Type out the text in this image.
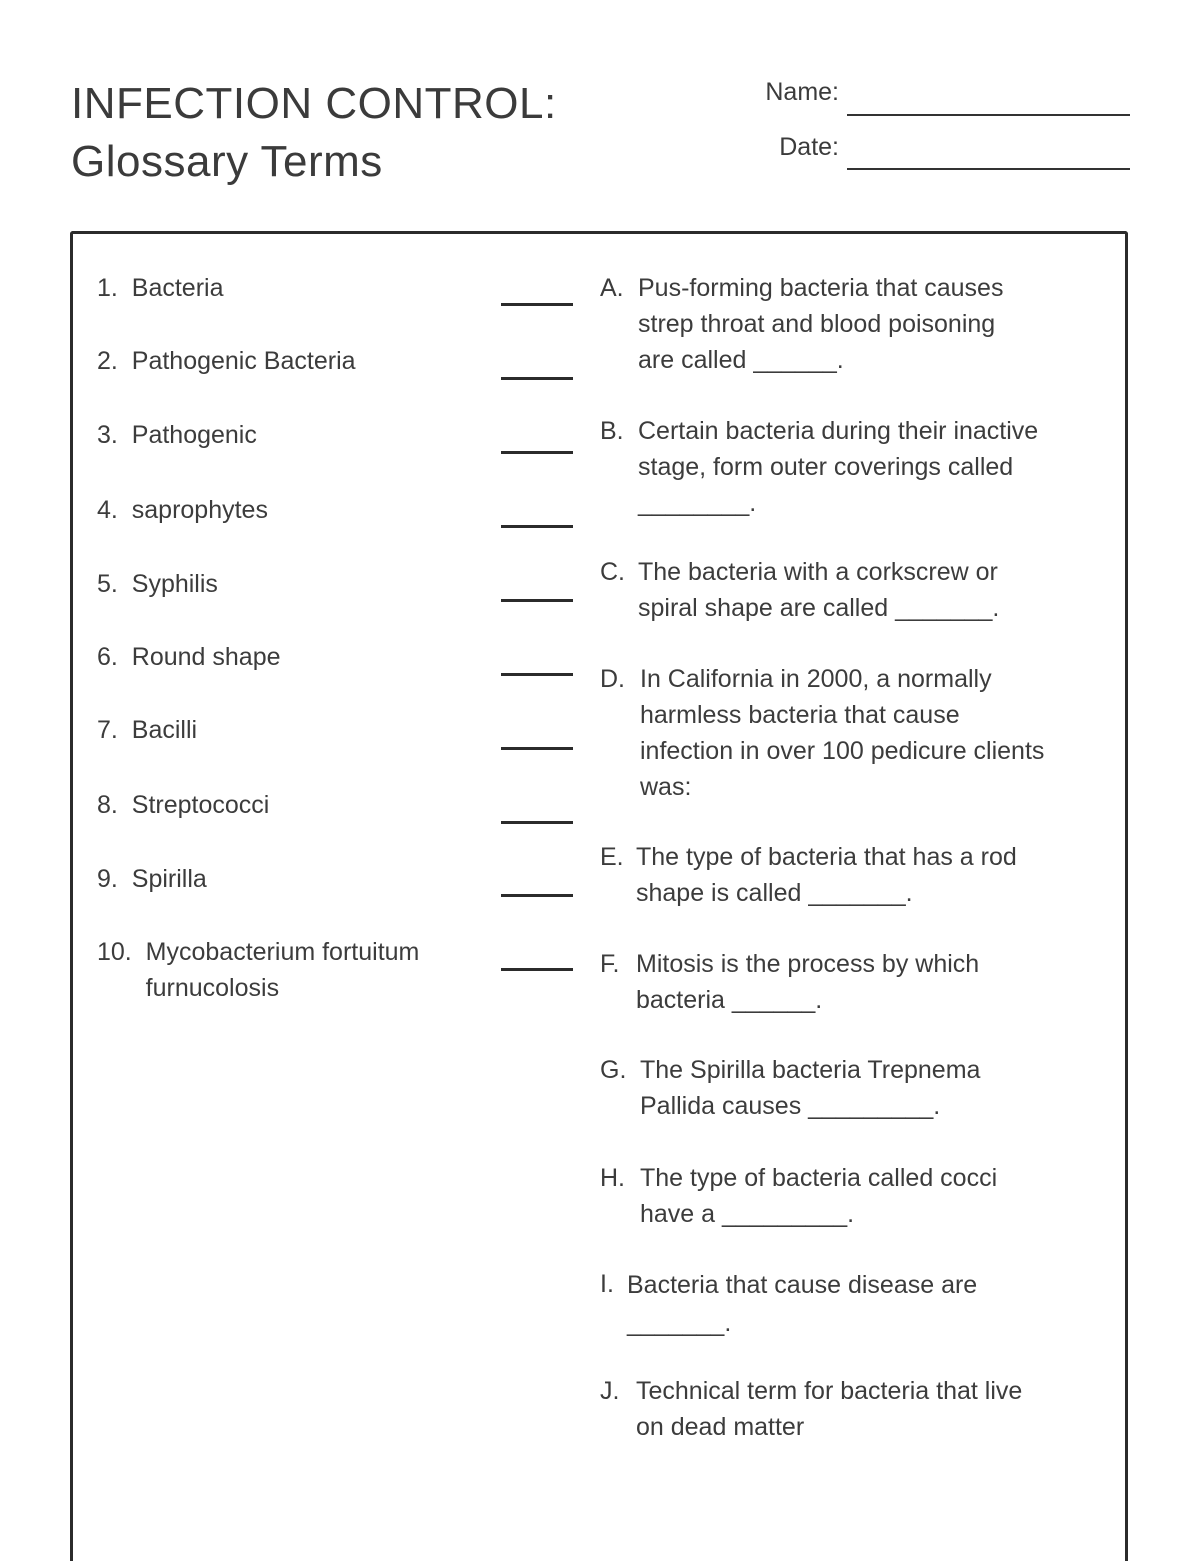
INFECTION CONTROL:
Glossary Terms
Name:
Date:
1. Bacteria
2. Pathogenic Bacteria
3. Pathogenic
4. saprophytes
5. Syphilis
6. Round shape
7. Bacilli
8. Streptococci
9. Spirilla
10. Mycobacterium fortuitum
furnucolosis
A. Pus-forming bacteria that causes
strep throat and blood poisoning
are called ______.
B. Certain bacteria during their inactive
stage, form outer coverings called
________.
C. The bacteria with a corkscrew or
spiral shape are called _______.
D. In California in 2000, a normally
harmless bacteria that cause
infection in over 100 pedicure clients
was:
E. The type of bacteria that has a rod
shape is called _______.
F. Mitosis is the process by which
bacteria ______.
G. The Spirilla bacteria Trepnema
Pallida causes _________.
H. The type of bacteria called cocci
have a _________.
I. Bacteria that cause disease are
_______.
J. Technical term for bacteria that live
on dead matter
